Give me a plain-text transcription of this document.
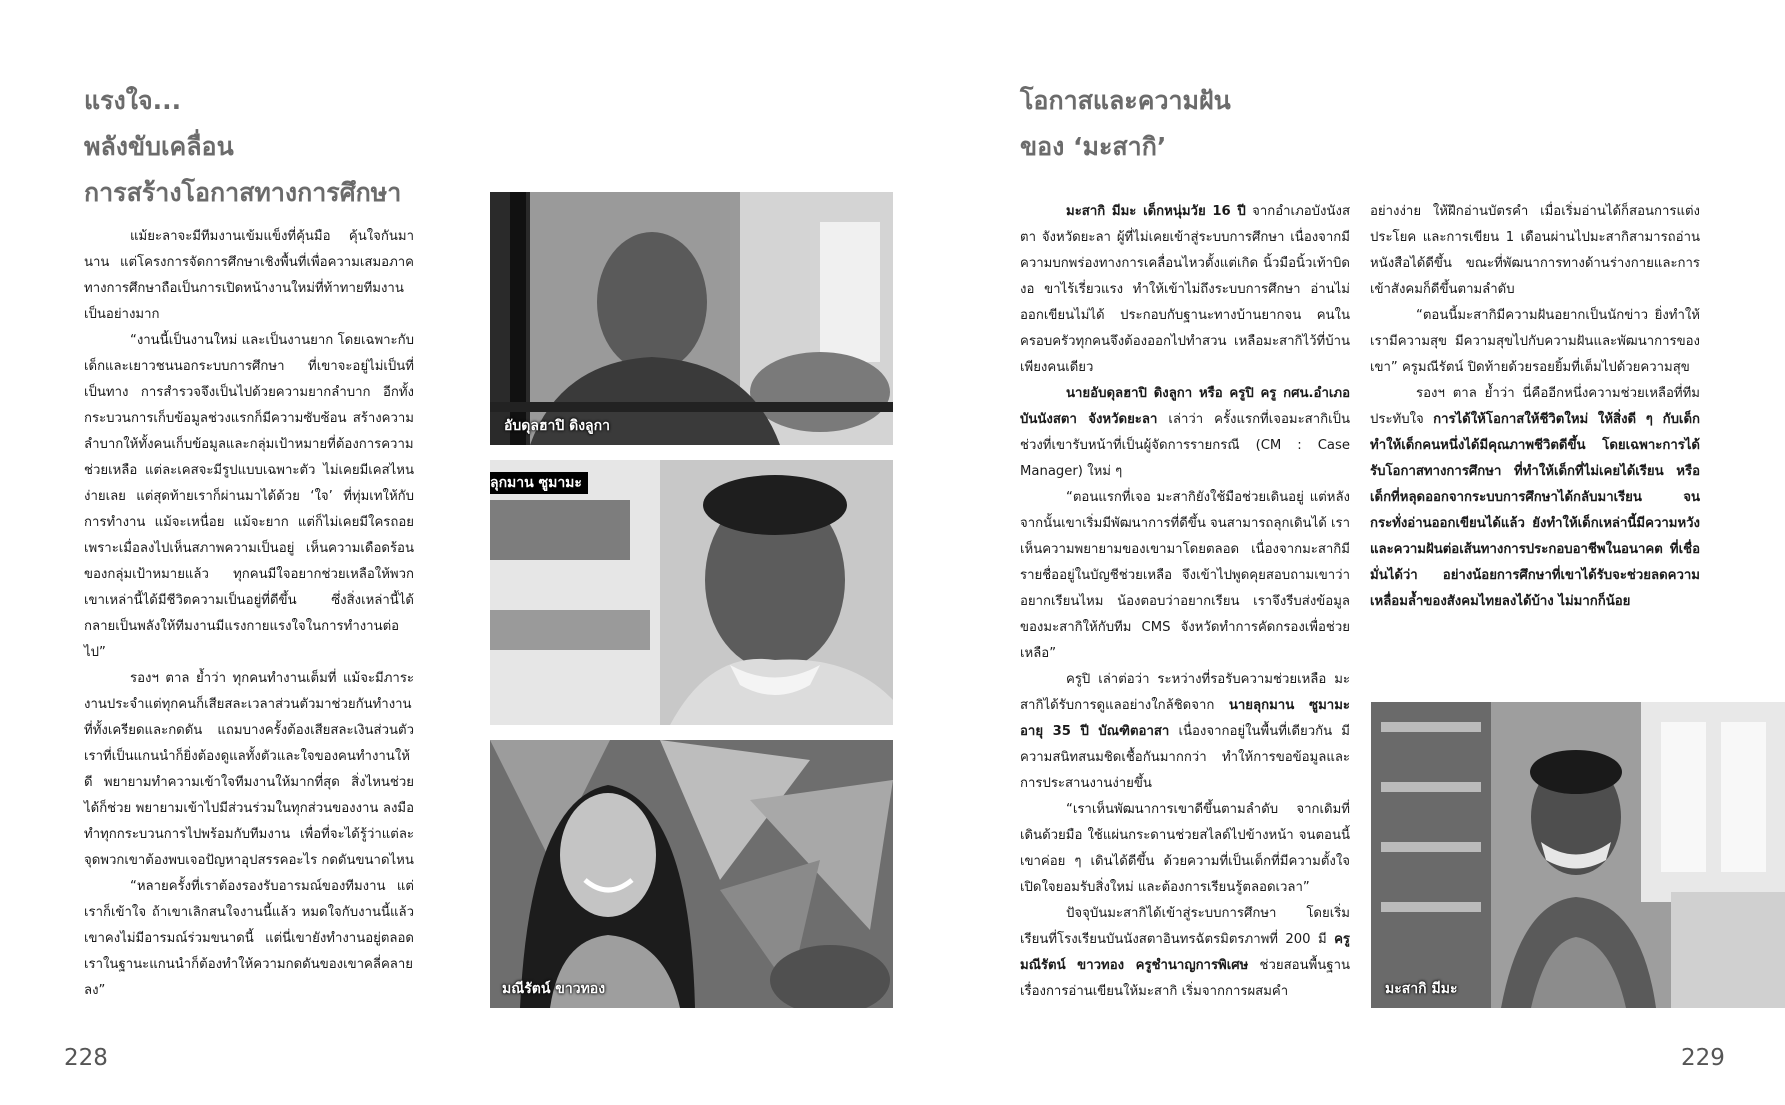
แรงใจ...
พลังขับเคลื่อน
การสร้างโอกาสทางการศึกษา

แม้ยะลาจะมีทีมงานเข้มแข็งที่คุ้นมือ คุ้นใจกันมานาน แต่โครงการจัดการศึกษาเชิงพื้นที่เพื่อความเสมอภาคทางการศึกษาถือเป็นการเปิดหน้างานใหม่ที่ท้าทายทีมงานเป็นอย่างมาก

“งานนี้เป็นงานใหม่ และเป็นงานยาก โดยเฉพาะกับเด็กและเยาวชนนอกระบบการศึกษา ที่เขาจะอยู่ไม่เป็นที่เป็นทาง การสำรวจจึงเป็นไปด้วยความยากลำบาก อีกทั้งกระบวนการเก็บข้อมูลช่วงแรกก็มีความซับซ้อน สร้างความลำบากให้ทั้งคนเก็บข้อมูลและกลุ่มเป้าหมายที่ต้องการความช่วยเหลือ แต่ละเคสจะมีรูปแบบเฉพาะตัว ไม่เคยมีเคสไหนง่ายเลย แต่สุดท้ายเราก็ผ่านมาได้ด้วย ‘ใจ’ ที่ทุ่มเทให้กับการทำงาน แม้จะเหนื่อย แม้จะยาก แต่ก็ไม่เคยมีใครถอย เพราะเมื่อลงไปเห็นสภาพความเป็นอยู่ เห็นความเดือดร้อนของกลุ่มเป้าหมายแล้ว ทุกคนมีใจอยากช่วยเหลือให้พวกเขาเหล่านี้ได้มีชีวิตความเป็นอยู่ที่ดีขึ้น ซึ่งสิ่งเหล่านี้ได้กลายเป็นพลังให้ทีมงานมีแรงกายแรงใจในการทำงานต่อไป”

รองฯ ตาล ย้ำว่า ทุกคนทำงานเต็มที่ แม้จะมีภาระงานประจำแต่ทุกคนก็เสียสละเวลาส่วนตัวมาช่วยกันทำงานที่ทั้งเครียดและกดดัน แถมบางครั้งต้องเสียสละเงินส่วนตัว เราที่เป็นแกนนำก็ยิ่งต้องดูแลทั้งตัวและใจของคนทำงานให้ดี พยายามทำความเข้าใจทีมงานให้มากที่สุด สิ่งไหนช่วยได้ก็ช่วย พยายามเข้าไปมีส่วนร่วมในทุกส่วนของงาน ลงมือทำทุกกระบวนการไปพร้อมกับทีมงาน เพื่อที่จะได้รู้ว่าแต่ละจุดพวกเขาต้องพบเจอปัญหาอุปสรรคอะไร กดดันขนาดไหน

“หลายครั้งที่เราต้องรองรับอารมณ์ของทีมงาน แต่เราก็เข้าใจ ถ้าเขาเลิกสนใจงานนี้แล้ว หมดใจกับงานนี้แล้ว เขาคงไม่มีอารมณ์ร่วมขนาดนี้ แต่นี่เขายังทำงานอยู่ตลอด เราในฐานะแกนนำก็ต้องทำให้ความกดดันของเขาคลี่คลายลง”

อับดุลฮาปิ ดิงลูกา
ลุกมาน ซูมามะ
มณีรัตน์ ขาวทอง
228
โอกาสและความฝัน
ของ ‘มะสากิ’

มะสากิ มีมะ เด็กหนุ่มวัย 16 ปี จากอำเภอบังนังสตา จังหวัดยะลา ผู้ที่ไม่เคยเข้าสู่ระบบการศึกษา เนื่องจากมีความบกพร่องทางการเคลื่อนไหวตั้งแต่เกิด นิ้วมือนิ้วเท้าบิดงอ ขาไร้เรี่ยวแรง ทำให้เข้าไม่ถึงระบบการศึกษา อ่านไม่ออกเขียนไม่ได้ ประกอบกับฐานะทางบ้านยากจน คนในครอบครัวทุกคนจึงต้องออกไปทำสวน เหลือมะสากิไว้ที่บ้านเพียงคนเดียว

นายอับดุลฮาปิ ดิงลูกา หรือ ครูปิ ครู กศน.อำเภอบันนังสตา จังหวัดยะลา เล่าว่า ครั้งแรกที่เจอมะสากิเป็นช่วงที่เขารับหน้าที่เป็นผู้จัดการรายกรณี (CM : Case Manager) ใหม่ ๆ

“ตอนแรกที่เจอ มะสากิยังใช้มือช่วยเดินอยู่ แต่หลังจากนั้นเขาเริ่มมีพัฒนาการที่ดีขึ้น จนสามารถลุกเดินได้ เราเห็นความพยายามของเขามาโดยตลอด เนื่องจากมะสากิมีรายชื่ออยู่ในบัญชีช่วยเหลือ จึงเข้าไปพูดคุยสอบถามเขาว่าอยากเรียนไหม น้องตอบว่าอยากเรียน เราจึงรีบส่งข้อมูลของมะสากิให้กับทีม CMS จังหวัดทำการคัดกรองเพื่อช่วยเหลือ”

ครูปิ เล่าต่อว่า ระหว่างที่รอรับความช่วยเหลือ มะสากิได้รับการดูแลอย่างใกล้ชิดจาก นายลุกมาน ซูมามะ อายุ 35 ปี บัณฑิตอาสา เนื่องจากอยู่ในพื้นที่เดียวกัน มีความสนิทสนมชิดเชื้อกันมากกว่า ทำให้การขอข้อมูลและการประสานงานง่ายขึ้น

“เราเห็นพัฒนาการเขาดีขึ้นตามลำดับ จากเดิมที่เดินด้วยมือ ใช้แผ่นกระดานช่วยสไลด์ไปข้างหน้า จนตอนนี้เขาค่อย ๆ เดินได้ดีขึ้น ด้วยความที่เป็นเด็กที่มีความตั้งใจ เปิดใจยอมรับสิ่งใหม่ และต้องการเรียนรู้ตลอดเวลา”

ปัจจุบันมะสากิได้เข้าสู่ระบบการศึกษา โดยเริ่มเรียนที่โรงเรียนบันนังสตาอินทรฉัตรมิตรภาพที่ 200 มี ครูมณีรัตน์ ขาวทอง ครูชำนาญการพิเศษ ช่วยสอนพื้นฐานเรื่องการอ่านเขียนให้มะสากิ เริ่มจากการผสมคำ

อย่างง่าย ให้ฝึกอ่านบัตรคำ เมื่อเริ่มอ่านได้ก็สอนการแต่งประโยค และการเขียน 1 เดือนผ่านไปมะสากิสามารถอ่านหนังสือได้ดีขึ้น ขณะที่พัฒนาการทางด้านร่างกายและการเข้าสังคมก็ดีขึ้นตามลำดับ

“ตอนนี้มะสากิมีความฝันอยากเป็นนักข่าว ยิ่งทำให้เรามีความสุข มีความสุขไปกับความฝันและพัฒนาการของเขา” ครูมณีรัตน์ ปิดท้ายด้วยรอยยิ้มที่เต็มไปด้วยความสุข

รองฯ ตาล ย้ำว่า นี่คืออีกหนึ่งความช่วยเหลือที่ทีมประทับใจ การได้ให้โอกาสให้ชีวิตใหม่ ให้สิ่งดี ๆ กับเด็ก ทำให้เด็กคนหนึ่งได้มีคุณภาพชีวิตดีขึ้น โดยเฉพาะการได้รับโอกาสทางการศึกษา ที่ทำให้เด็กที่ไม่เคยได้เรียน หรือเด็กที่หลุดออกจากระบบการศึกษาได้กลับมาเรียน จนกระทั่งอ่านออกเขียนได้แล้ว ยังทำให้เด็กเหล่านี้มีความหวังและความฝันต่อเส้นทางการประกอบอาชีพในอนาคต ที่เชื่อมั่นได้ว่า อย่างน้อยการศึกษาที่เขาได้รับจะช่วยลดความเหลื่อมล้ำของสังคมไทยลงได้บ้าง ไม่มากก็น้อย

มะสากิ มีมะ
229
